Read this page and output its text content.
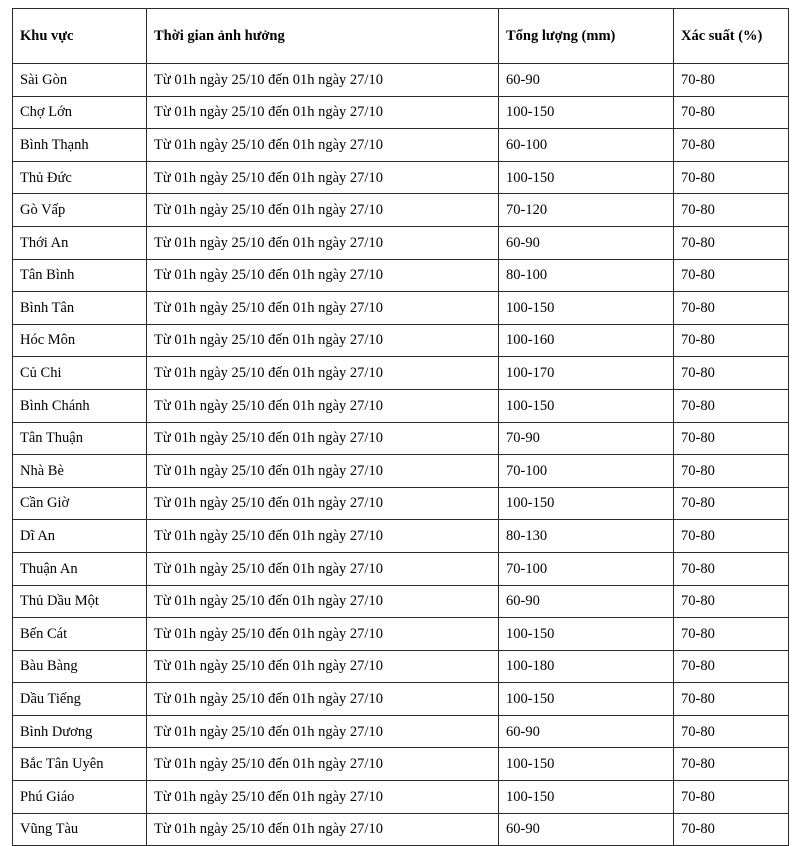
Khu vực	Thời gian ảnh hưởng	Tổng lượng (mm)	Xác suất (%)
Sài Gòn	Từ 01h ngày 25/10 đến 01h ngày 27/10	60-90	70-80
Chợ Lớn	Từ 01h ngày 25/10 đến 01h ngày 27/10	100-150	70-80
Bình Thạnh	Từ 01h ngày 25/10 đến 01h ngày 27/10	60-100	70-80
Thủ Đức	Từ 01h ngày 25/10 đến 01h ngày 27/10	100-150	70-80
Gò Vấp	Từ 01h ngày 25/10 đến 01h ngày 27/10	70-120	70-80
Thới An	Từ 01h ngày 25/10 đến 01h ngày 27/10	60-90	70-80
Tân Bình	Từ 01h ngày 25/10 đến 01h ngày 27/10	80-100	70-80
Bình Tân	Từ 01h ngày 25/10 đến 01h ngày 27/10	100-150	70-80
Hóc Môn	Từ 01h ngày 25/10 đến 01h ngày 27/10	100-160	70-80
Củ Chi	Từ 01h ngày 25/10 đến 01h ngày 27/10	100-170	70-80
Bình Chánh	Từ 01h ngày 25/10 đến 01h ngày 27/10	100-150	70-80
Tân Thuận	Từ 01h ngày 25/10 đến 01h ngày 27/10	70-90	70-80
Nhà Bè	Từ 01h ngày 25/10 đến 01h ngày 27/10	70-100	70-80
Cần Giờ	Từ 01h ngày 25/10 đến 01h ngày 27/10	100-150	70-80
Dĩ An	Từ 01h ngày 25/10 đến 01h ngày 27/10	80-130	70-80
Thuận An	Từ 01h ngày 25/10 đến 01h ngày 27/10	70-100	70-80
Thủ Dầu Một	Từ 01h ngày 25/10 đến 01h ngày 27/10	60-90	70-80
Bến Cát	Từ 01h ngày 25/10 đến 01h ngày 27/10	100-150	70-80
Bàu Bàng	Từ 01h ngày 25/10 đến 01h ngày 27/10	100-180	70-80
Dầu Tiếng	Từ 01h ngày 25/10 đến 01h ngày 27/10	100-150	70-80
Bình Dương	Từ 01h ngày 25/10 đến 01h ngày 27/10	60-90	70-80
Bắc Tân Uyên	Từ 01h ngày 25/10 đến 01h ngày 27/10	100-150	70-80
Phú Giáo	Từ 01h ngày 25/10 đến 01h ngày 27/10	100-150	70-80
Vũng Tàu	Từ 01h ngày 25/10 đến 01h ngày 27/10	60-90	70-80
